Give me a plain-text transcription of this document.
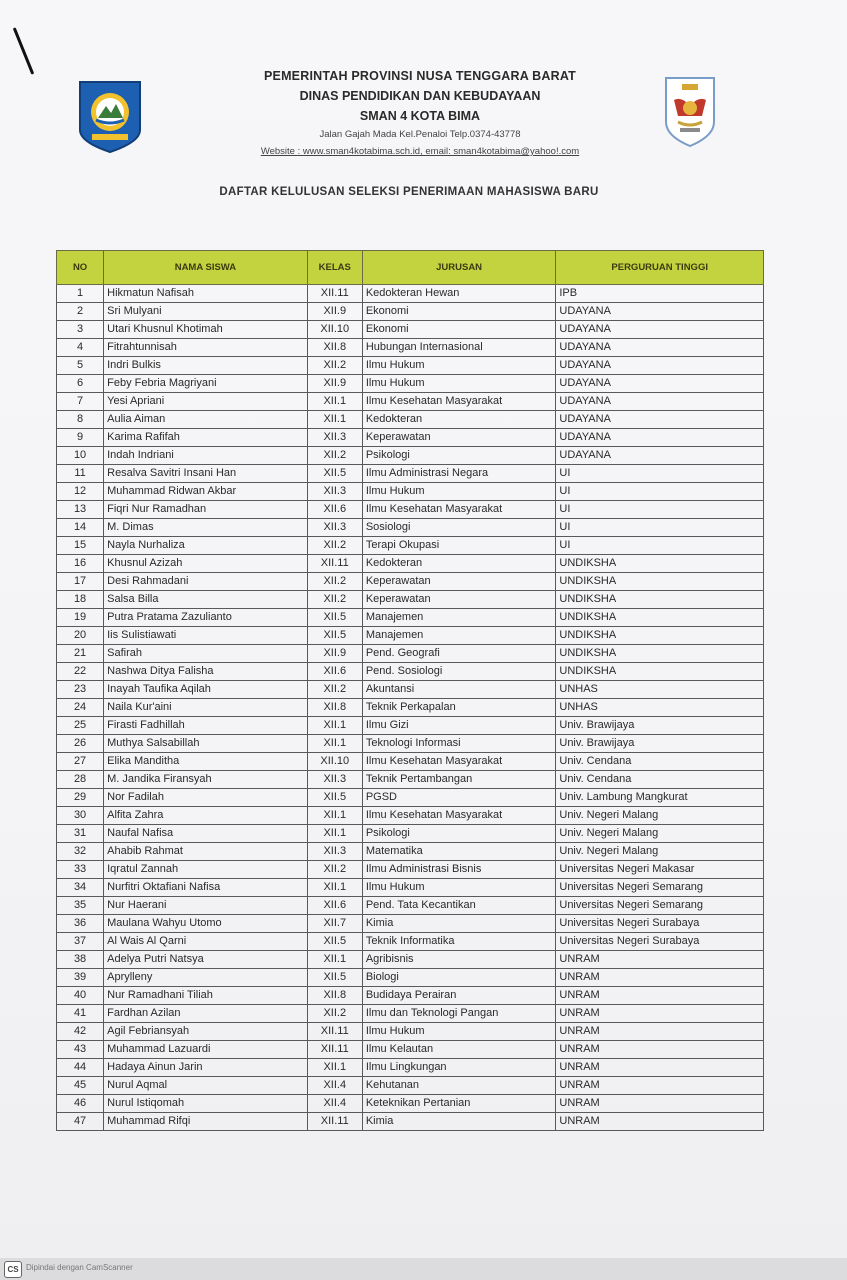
PEMERINTAH PROVINSI NUSA TENGGARA BARAT
DINAS PENDIDIKAN DAN KEBUDAYAAN
SMAN 4 KOTA BIMA
Jalan Gajah Mada Kel.Penaloi Telp.0374-43778
Website : www.sman4kotabima.sch.id, email: sman4kotabima@yahoo!.com
DAFTAR KELULUSAN SELEKSI PENERIMAAN MAHASISWA BARU
NO	NAMA SISWA	KELAS	JURUSAN	PERGURUAN TINGGI
1	Hikmatun Nafisah	XII.11	Kedokteran Hewan	IPB
2	Sri Mulyani	XII.9	Ekonomi	UDAYANA
3	Utari Khusnul Khotimah	XII.10	Ekonomi	UDAYANA
4	Fitrahtunnisah	XII.8	Hubungan Internasional	UDAYANA
5	Indri Bulkis	XII.2	Ilmu Hukum	UDAYANA
6	Feby Febria Magriyani	XII.9	Ilmu Hukum	UDAYANA
7	Yesi Apriani	XII.1	Ilmu Kesehatan Masyarakat	UDAYANA
8	Aulia Aiman	XII.1	Kedokteran	UDAYANA
9	Karima Rafifah	XII.3	Keperawatan	UDAYANA
10	Indah Indriani	XII.2	Psikologi	UDAYANA
11	Resalva Savitri Insani Han	XII.5	Ilmu Administrasi Negara	UI
12	Muhammad Ridwan Akbar	XII.3	Ilmu Hukum	UI
13	Fiqri Nur Ramadhan	XII.6	Ilmu Kesehatan Masyarakat	UI
14	M. Dimas	XII.3	Sosiologi	UI
15	Nayla Nurhaliza	XII.2	Terapi Okupasi	UI
16	Khusnul Azizah	XII.11	Kedokteran	UNDIKSHA
17	Desi Rahmadani	XII.2	Keperawatan	UNDIKSHA
18	Salsa Billa	XII.2	Keperawatan	UNDIKSHA
19	Putra Pratama Zazulianto	XII.5	Manajemen	UNDIKSHA
20	Iis Sulistiawati	XII.5	Manajemen	UNDIKSHA
21	Safirah	XII.9	Pend. Geografi	UNDIKSHA
22	Nashwa Ditya Falisha	XII.6	Pend. Sosiologi	UNDIKSHA
23	Inayah Taufika Aqilah	XII.2	Akuntansi	UNHAS
24	Naila Kur'aini	XII.8	Teknik Perkapalan	UNHAS
25	Firasti Fadhillah	XII.1	Ilmu Gizi	Univ. Brawijaya
26	Muthya Salsabillah	XII.1	Teknologi Informasi	Univ. Brawijaya
27	Elika Manditha	XII.10	Ilmu Kesehatan Masyarakat	Univ. Cendana
28	M. Jandika Firansyah	XII.3	Teknik Pertambangan	Univ. Cendana
29	Nor Fadilah	XII.5	PGSD	Univ. Lambung Mangkurat
30	Alfita Zahra	XII.1	Ilmu Kesehatan Masyarakat	Univ. Negeri Malang
31	Naufal Nafisa	XII.1	Psikologi	Univ. Negeri Malang
32	Ahabib Rahmat	XII.3	Matematika	Univ. Negeri Malang
33	Iqratul Zannah	XII.2	Ilmu Administrasi Bisnis	Universitas Negeri Makasar
34	Nurfitri Oktafiani Nafisa	XII.1	Ilmu Hukum	Universitas Negeri Semarang
35	Nur Haerani	XII.6	Pend. Tata Kecantikan	Universitas Negeri Semarang
36	Maulana Wahyu Utomo	XII.7	Kimia	Universitas Negeri Surabaya
37	Al Wais Al Qarni	XII.5	Teknik Informatika	Universitas Negeri Surabaya
38	Adelya Putri Natsya	XII.1	Agribisnis	UNRAM
39	Aprylleny	XII.5	Biologi	UNRAM
40	Nur Ramadhani Tiliah	XII.8	Budidaya Perairan	UNRAM
41	Fardhan Azilan	XII.2	Ilmu dan Teknologi Pangan	UNRAM
42	Agil Febriansyah	XII.11	Ilmu Hukum	UNRAM
43	Muhammad Lazuardi	XII.11	Ilmu Kelautan	UNRAM
44	Hadaya Ainun Jarin	XII.1	Ilmu Lingkungan	UNRAM
45	Nurul Aqmal	XII.4	Kehutanan	UNRAM
46	Nurul Istiqomah	XII.4	Keteknikan Pertanian	UNRAM
47	Muhammad Rifqi	XII.11	Kimia	UNRAM
CS Dipindai dengan CamScanner
